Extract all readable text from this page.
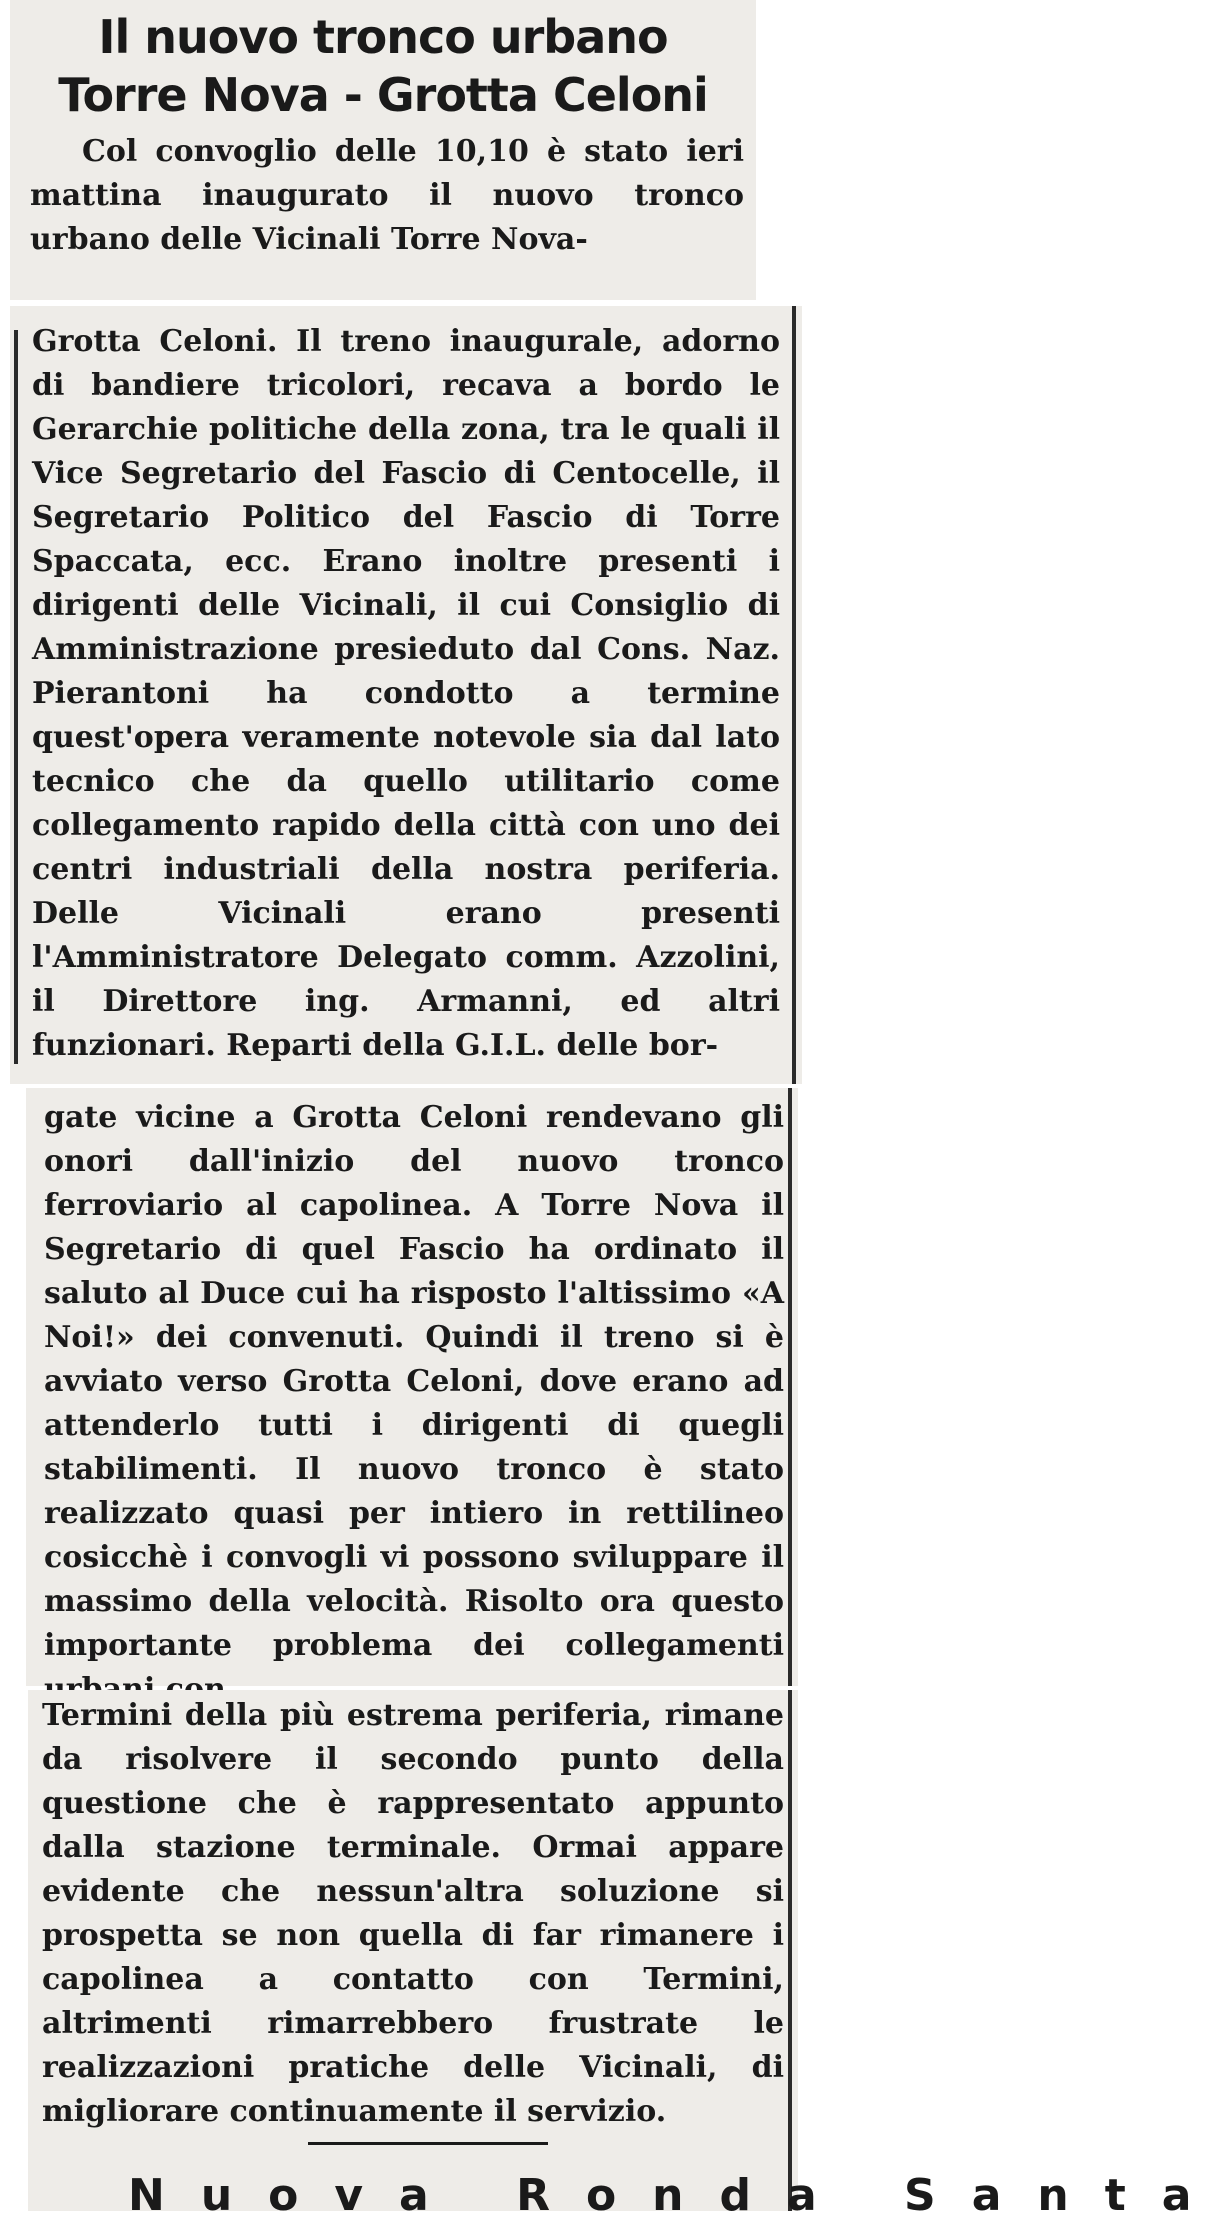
Il nuovo tronco urbano
Torre Nova - Grotta Celoni

Col convoglio delle 10,10 è stato ieri mattina inaugurato il nuovo tronco urbano delle Vicinali Torre Nova-

Grotta Celoni. Il treno inaugurale, adorno di bandiere tricolori, recava a bordo le Gerarchie politiche della zona, tra le quali il Vice Segretario del Fascio di Centocelle, il Segretario Politico del Fascio di Torre Spaccata, ecc. Erano inoltre presenti i dirigenti delle Vicinali, il cui Consiglio di Amministrazione presieduto dal Cons. Naz. Pierantoni ha condotto a termine quest'opera veramente notevole sia dal lato tecnico che da quello utilitario come collegamento rapido della città con uno dei centri industriali della nostra periferia. Delle Vicinali erano presenti l'Amministratore Delegato comm. Azzolini, il Direttore ing. Armanni, ed altri funzionari. Reparti della G.I.L. delle bor-

gate vicine a Grotta Celoni rendevano gli onori dall'inizio del nuovo tronco ferroviario al capolinea. A Torre Nova il Segretario di quel Fascio ha ordinato il saluto al Duce cui ha risposto l'altissimo «A Noi!» dei convenuti. Quindi il treno si è avviato verso Grotta Celoni, dove erano ad attenderlo tutti i dirigenti di quegli stabilimenti. Il nuovo tronco è stato realizzato quasi per intiero in rettilineo cosicchè i convogli vi possono sviluppare il massimo della velocità. Risolto ora questo importante problema dei collegamenti

Termini della più estrema periferia, rimane da risolvere il secondo punto della questione che è rappresentato appunto dalla stazione terminale. Ormai appare evidente che nessun'altra soluzione si prospetta se non quella di far rimanere i capolinea a contatto con Termini, altrimenti rimarrebbero frustrate le realizzazioni pratiche delle Vicinali, di migliorare continuamente il servizio.

Nuova Ronda Santa
